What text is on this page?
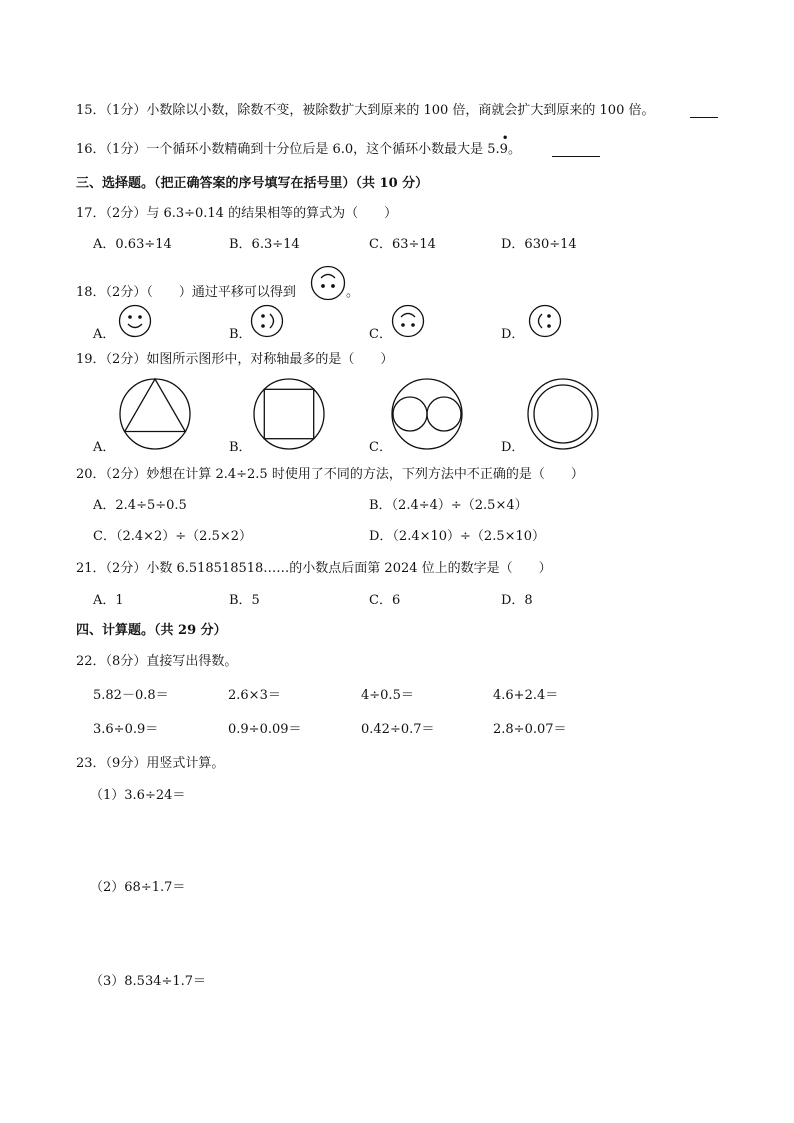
15．（1分）小数除以小数，除数不变，被除数扩大到原来的 100 倍，商就会扩大到原来的 100 倍。
16．（1分）一个循环小数精确到十分位后是 6.0，这个循环小数最大是 5.
•
9。
三、选择题。（把正确答案的序号填写在括号里）（共 10 分）
17．（2分）与 6.3÷0.14 的结果相等的算式为（　　）
A．0.63÷14	B．6.3÷14	C．63÷14	D．630÷14
18．（2分）（　　）通过平移可以得到	。
A．	B．	C．	D．
19．（2分）如图所示图形中，对称轴最多的是（　　）
A．	B．	C．	D．
20．（2分）妙想在计算 2.4÷2.5 时使用了不同的方法，下列方法中不正确的是（　　）
A．2.4÷5÷0.5	B．（2.4÷4）÷（2.5×4）
C．（2.4×2）÷（2.5×2）	D．（2.4×10）÷（2.5×10）
21．（2分）小数 6.518518518……的小数点后面第 2024 位上的数字是（　　）
A．1	B．5	C．6	D．8
四、计算题。（共 29 分）
22．（8分）直接写出得数。
5.82－0.8＝	2.6×3＝	4÷0.5＝	4.6+2.4＝
3.6÷0.9＝	0.9÷0.09＝	0.42÷0.7＝	2.8÷0.07＝
23．（9分）用竖式计算。
（1）3.6÷24＝
（2）68÷1.7＝
（3）8.534÷1.7＝
